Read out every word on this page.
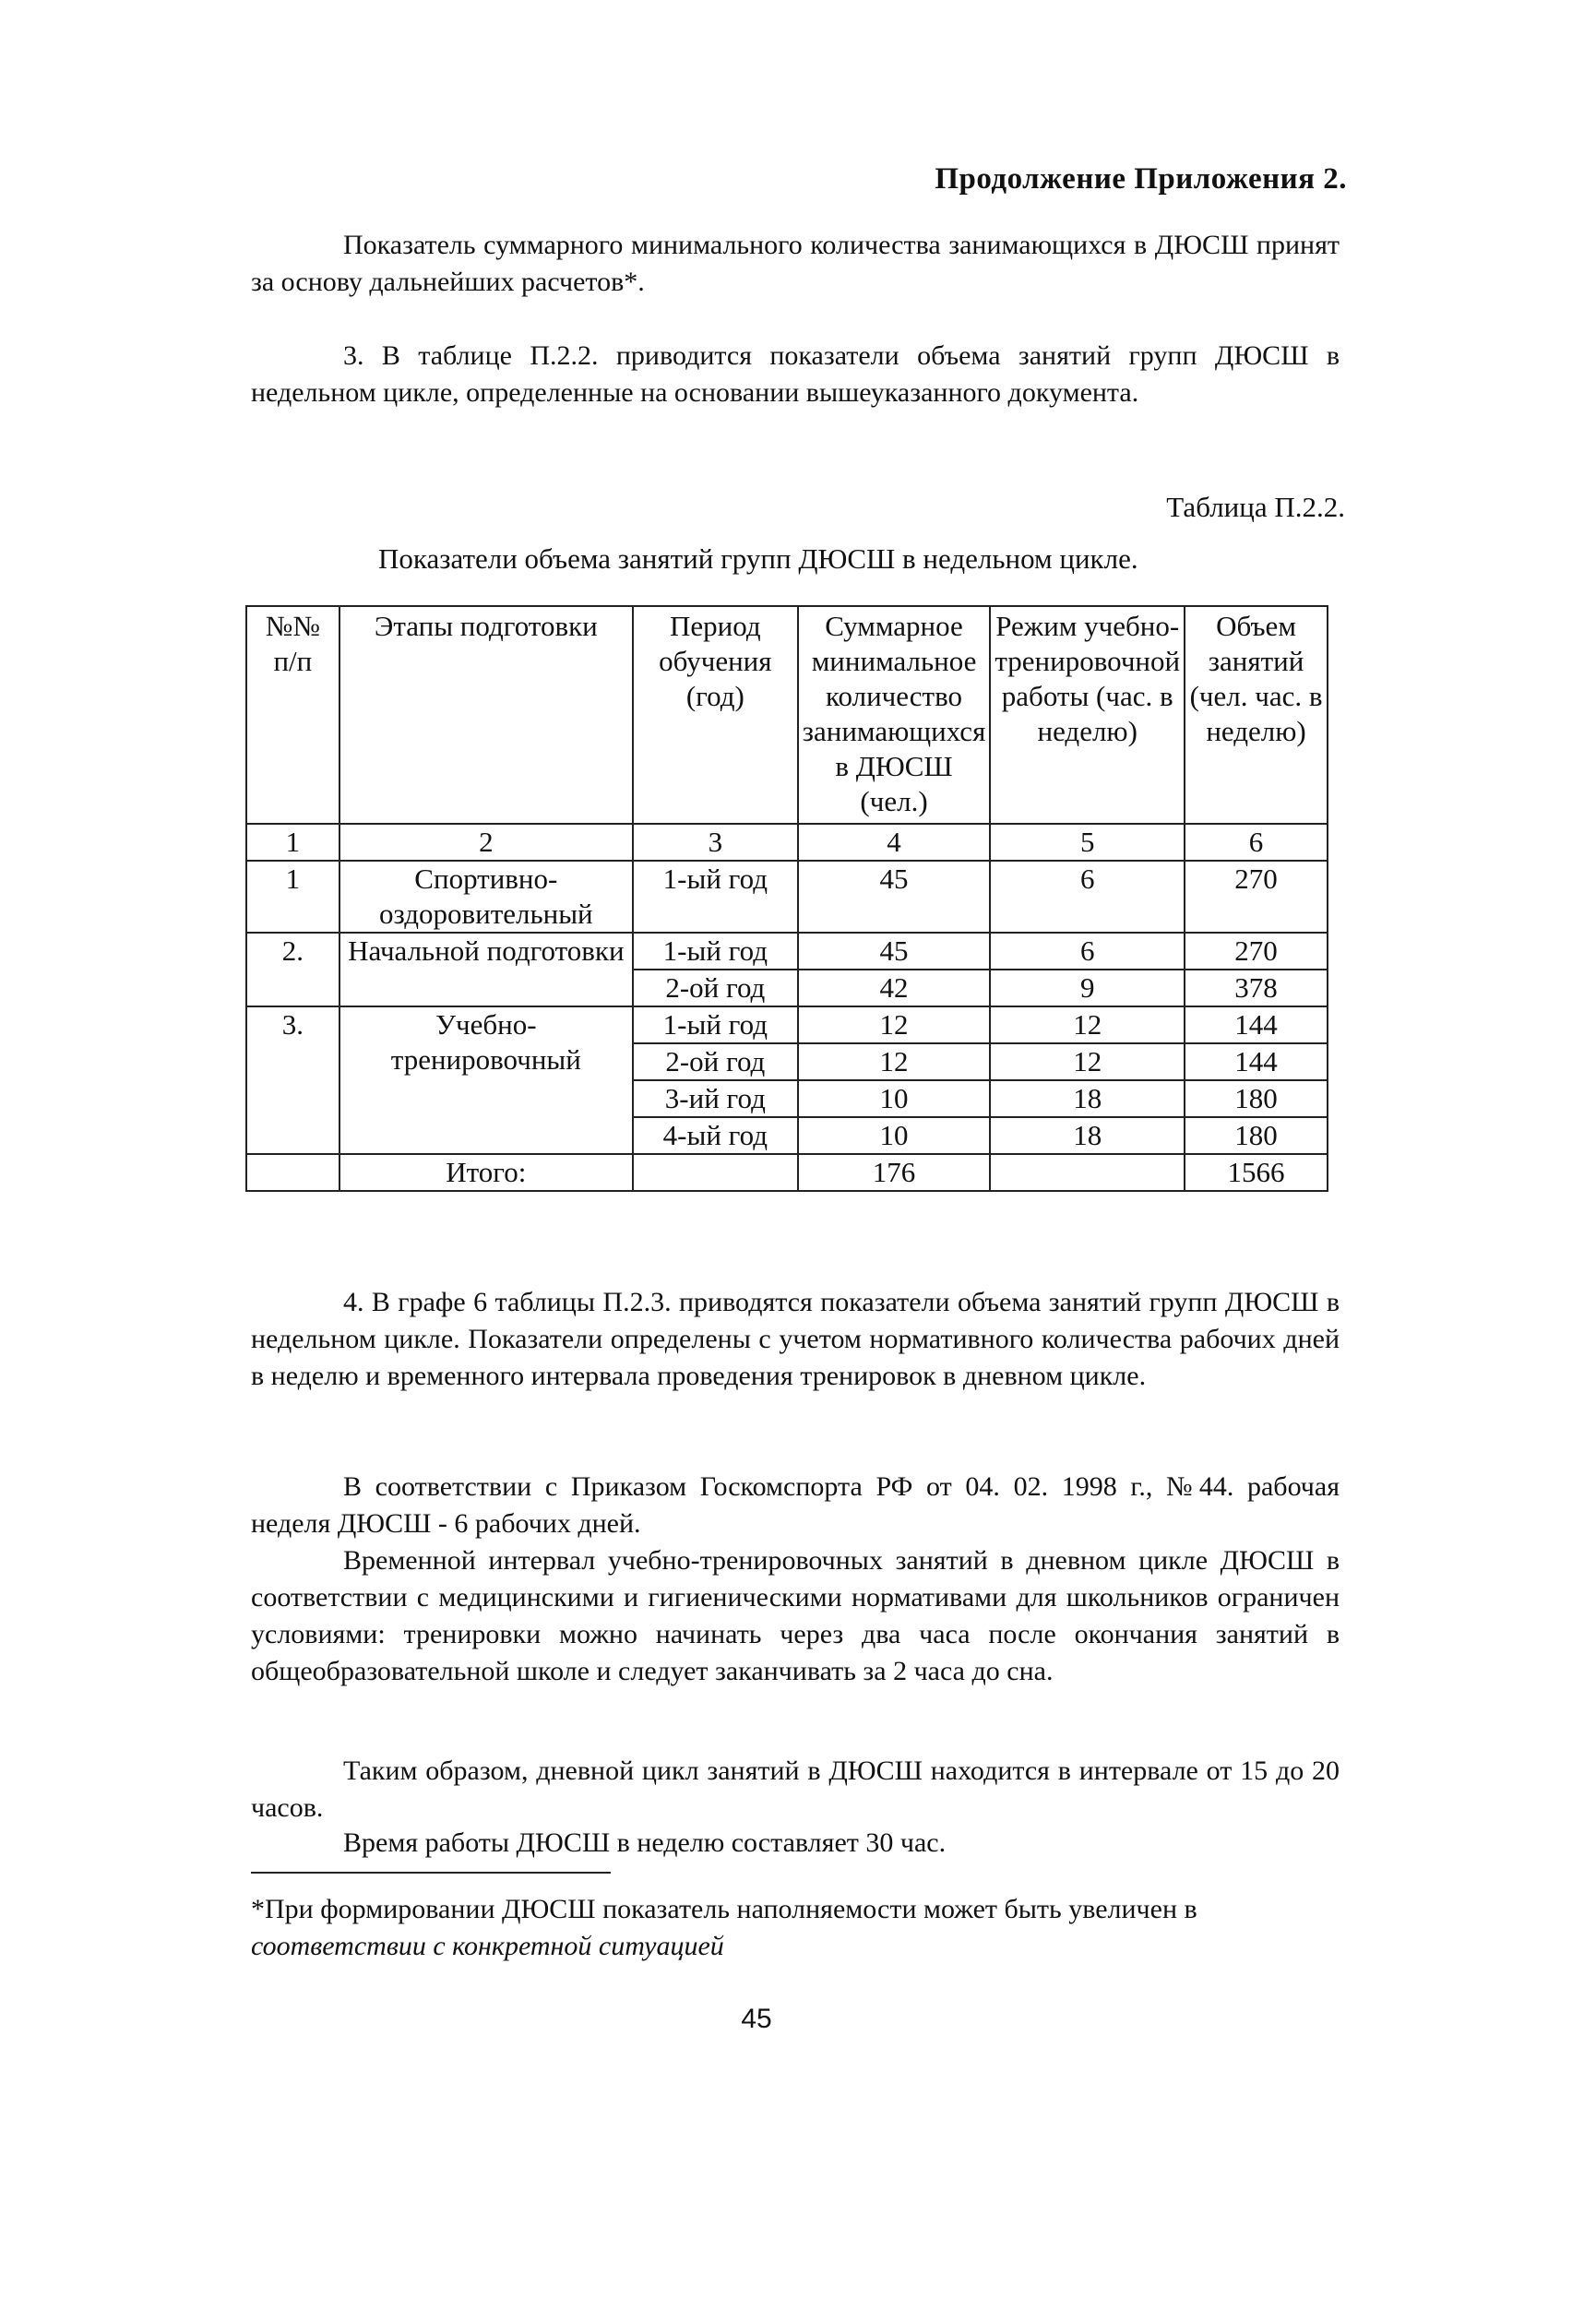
Продолжение Приложения 2.

Показатель суммарного минимального количества занимающихся в ДЮСШ принят за основу дальнейших расчетов*.

3. В таблице П.2.2. приводится показатели объема занятий групп ДЮСШ в недельном цикле, определенные на основании вышеуказанного документа.

Таблица П.2.2.
Показатели объема занятий групп ДЮСШ в недельном цикле.
№№ п/п	Этапы подготовки	Период обучения (год)	Суммарное минимальное количество занимающихся в ДЮСШ (чел.)	Режим учебно-тренировочной работы (час. в неделю)	Объем занятий (чел. час. в неделю)
1	2	3	4	5	6
1	Спортивно-оздоровительный	1-ый год	45	6	270
2.	Начальной подготовки	1-ый год	45	6	270
		2-ой год	42	9	378
3.	Учебно-тренировочный	1-ый год	12	12	144
		2-ой год	12	12	144
		3-ий год	10	18	180
		4-ый год	10	18	180
	Итого:		176		1566

4. В графе 6 таблицы П.2.3. приводятся показатели объема занятий групп ДЮСШ в недельном цикле. Показатели определены с учетом нормативного количества рабочих дней в неделю и временного интервала проведения тренировок в дневном цикле.

В соответствии с Приказом Госкомспорта РФ от 04. 02. 1998 г., №44. рабочая неделя ДЮСШ - 6 рабочих дней.

Временной интервал учебно-тренировочных занятий в дневном цикле ДЮСШ в соответствии с медицинскими и гигиеническими нормативами для школьников ограничен условиями: тренировки можно начинать через два часа после окончания занятий в общеобразовательной школе и следует заканчивать за 2 часа до сна.

Таким образом, дневной цикл занятий в ДЮСШ находится в интервале от 15 до 20 часов.

Время работы ДЮСШ в неделю составляет 30 час.

*При формировании ДЮСШ показатель наполняемости может быть увеличен в
соответствии с конкретной ситуацией

45
